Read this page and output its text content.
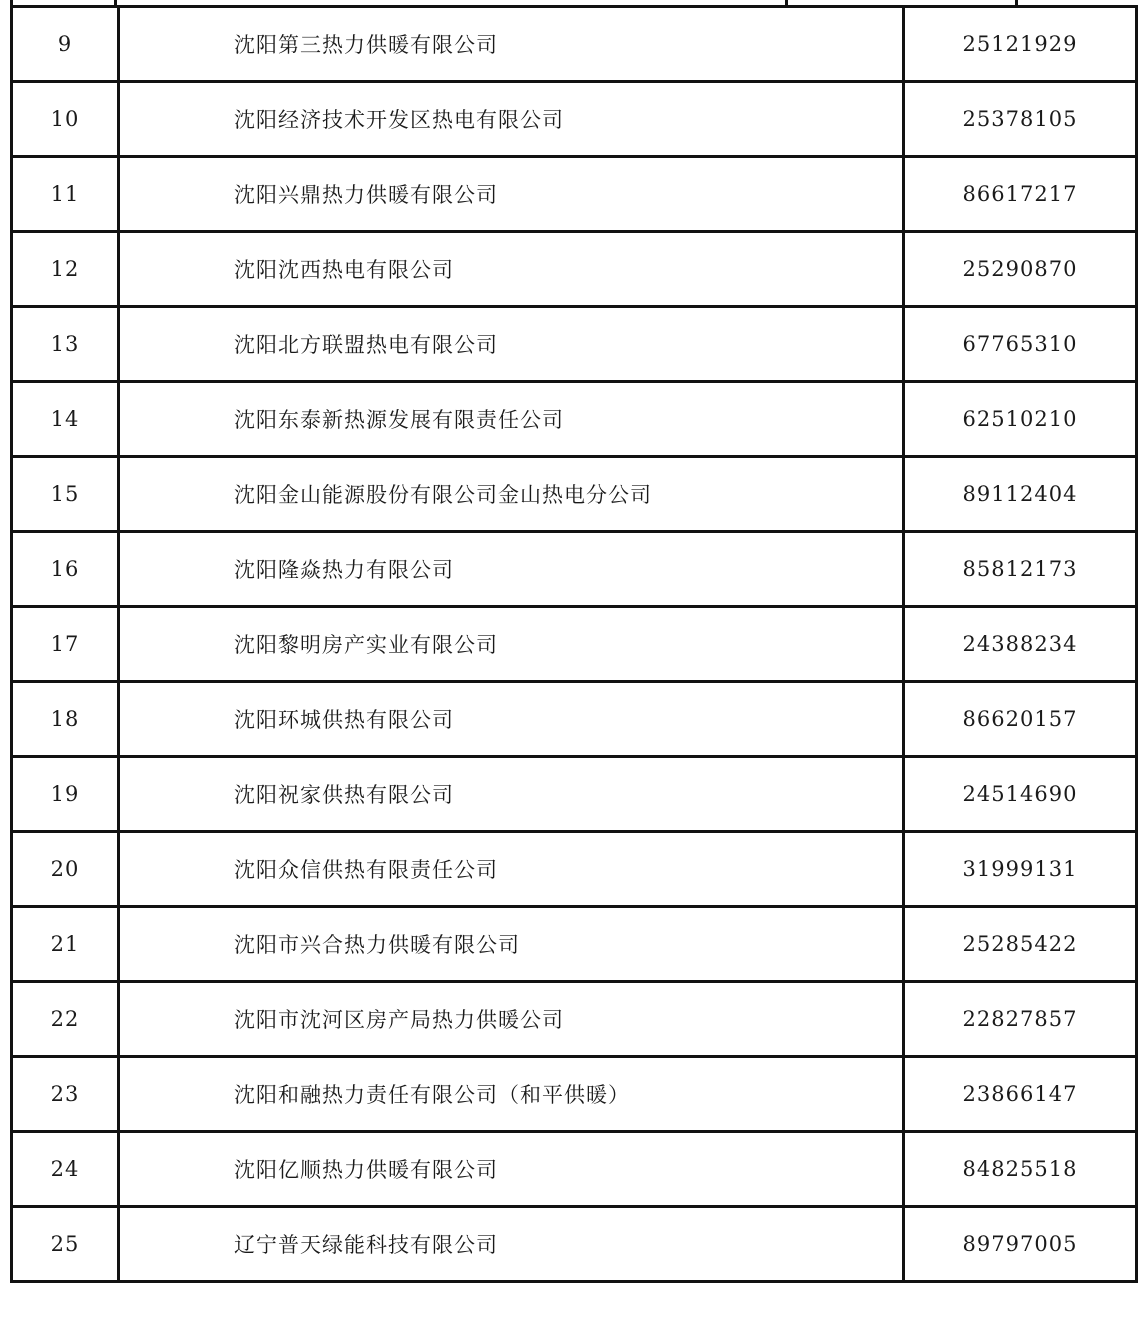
9	沈阳第三热力供暖有限公司	25121929
10	沈阳经济技术开发区热电有限公司	25378105
11	沈阳兴鼎热力供暖有限公司	86617217
12	沈阳沈西热电有限公司	25290870
13	沈阳北方联盟热电有限公司	67765310
14	沈阳东泰新热源发展有限责任公司	62510210
15	沈阳金山能源股份有限公司金山热电分公司	89112404
16	沈阳隆焱热力有限公司	85812173
17	沈阳黎明房产实业有限公司	24388234
18	沈阳环城供热有限公司	86620157
19	沈阳祝家供热有限公司	24514690
20	沈阳众信供热有限责任公司	31999131
21	沈阳市兴合热力供暖有限公司	25285422
22	沈阳市沈河区房产局热力供暖公司	22827857
23	沈阳和融热力责任有限公司（和平供暖）	23866147
24	沈阳亿顺热力供暖有限公司	84825518
25	辽宁普天绿能科技有限公司	89797005
